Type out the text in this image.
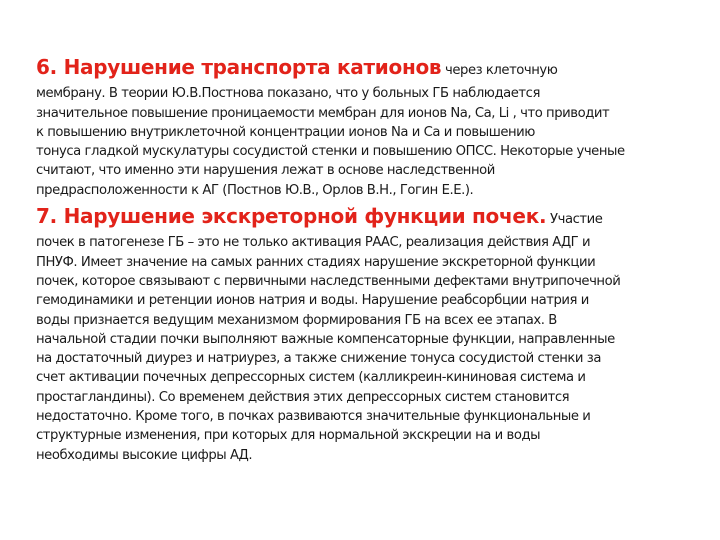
6. Нарушение транспорта катионов через клеточную
мембрану. В теории Ю.В.Постнова показано, что у больных ГБ наблюдается
значительное повышение проницаемости мембран для ионов Na, Ca, Li , что приводит
к повышению внутриклеточной концентрации ионов Na и Ca и повышению
тонуса гладкой мускулатуры сосудистой стенки и повышению ОПСС. Некоторые ученые
считают, что именно эти нарушения лежат в основе наследственной
предрасположенности к АГ (Постнов Ю.В., Орлов В.Н., Гогин Е.Е.).
7. Нарушение экскреторной функции почек. Участие
почек в патогенезе ГБ – это не только активация РААС, реализация действия АДГ и
ПНУФ. Имеет значение на самых ранних стадиях нарушение экскреторной функции
почек, которое связывают с первичными наследственными дефектами внутрипочечной
гемодинамики и ретенции ионов натрия и воды. Нарушение реабсорбции натрия и
воды признается ведущим механизмом формирования ГБ на всех ее этапах. В
начальной стадии почки выполняют важные компенсаторные функции, направленные
на достаточный диурез и натриурез, а также снижение тонуса сосудистой стенки за
счет активации почечных депрессорных систем (калликреин-кининовая система и
простагландины). Со временем действия этих депрессорных систем становится
недостаточно. Кроме того, в почках развиваются значительные функциональные и
структурные изменения, при которых для нормальной экскреции на и воды
необходимы высокие цифры АД.
